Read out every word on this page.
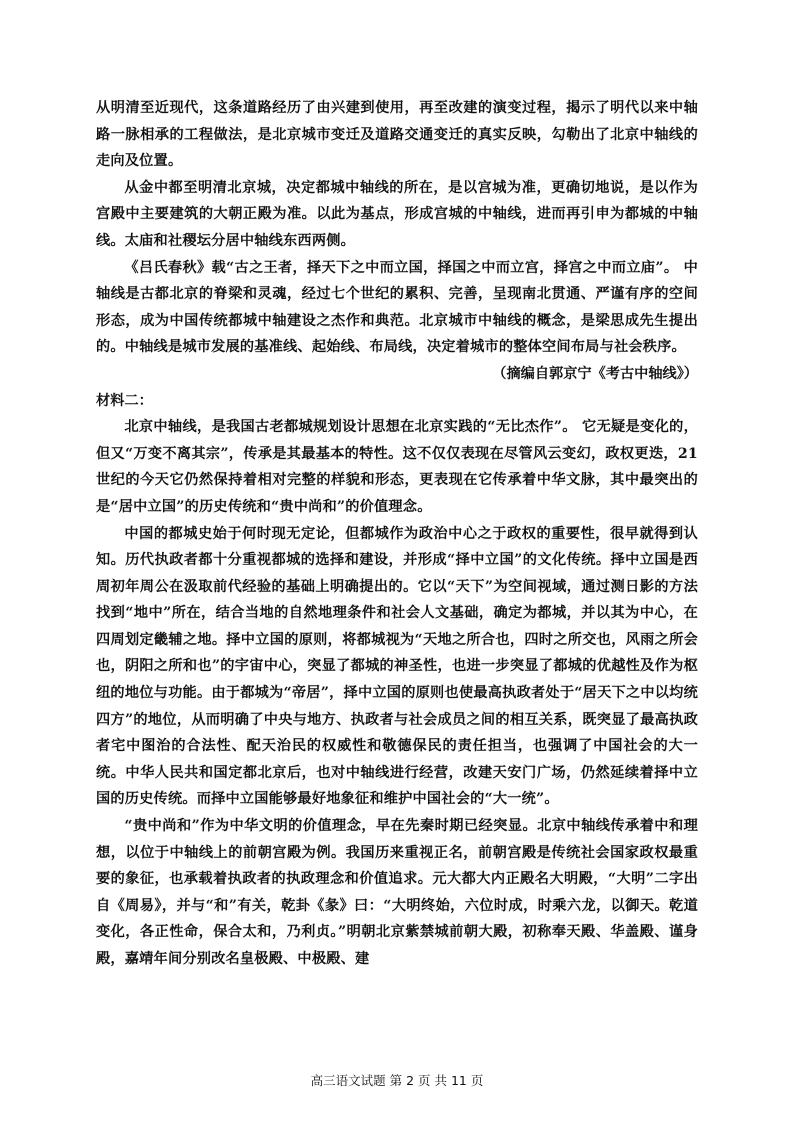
从明清至近现代，这条道路经历了由兴建到使用，再至改建的演变过程，揭示了明代以来中轴路一脉相承的工程做法，是北京城市变迁及道路交通变迁的真实反映，勾勒出了北京中轴线的走向及位置。

从金中都至明清北京城，决定都城中轴线的所在，是以宫城为准，更确切地说，是以作为宫殿中主要建筑的大朝正殿为准。以此为基点，形成宫城的中轴线，进而再引申为都城的中轴线。太庙和社稷坛分居中轴线东西两侧。

《吕氏春秋》载“古之王者，择天下之中而立国，择国之中而立宫，择宫之中而立庙”。 中轴线是古都北京的脊梁和灵魂，经过七个世纪的累积、完善，呈现南北贯通、严谨有序的空间形态，成为中国传统都城中轴建设之杰作和典范。北京城市中轴线的概念，是梁思成先生提出的。中轴线是城市发展的基准线、起始线、布局线，决定着城市的整体空间布局与社会秩序。

（摘编自郭京宁《考古中轴线》）

材料二：

北京中轴线，是我国古老都城规划设计思想在北京实践的“无比杰作”。 它无疑是变化的，但又“万变不离其宗”，传承是其最基本的特性。这不仅仅表现在尽管风云变幻，政权更迭，21世纪的今天它仍然保持着相对完整的样貌和形态，更表现在它传承着中华文脉，其中最突出的是“居中立国”的历史传统和“贵中尚和”的价值理念。

中国的都城史始于何时现无定论，但都城作为政治中心之于政权的重要性，很早就得到认知。历代执政者都十分重视都城的选择和建设，并形成“择中立国”的文化传统。择中立国是西周初年周公在汲取前代经验的基础上明确提出的。它以“天下”为空间视域，通过测日影的方法找到“地中”所在，结合当地的自然地理条件和社会人文基础，确定为都城，并以其为中心，在四周划定畿辅之地。择中立国的原则，将都城视为“天地之所合也，四时之所交也，风雨之所会也，阴阳之所和也”的宇宙中心，突显了都城的神圣性，也进一步突显了都城的优越性及作为枢纽的地位与功能。由于都城为“帝居”，择中立国的原则也使最高执政者处于“居天下之中以均统四方”的地位，从而明确了中央与地方、执政者与社会成员之间的相互关系，既突显了最高执政者宅中图治的合法性、配天治民的权威性和敬德保民的责任担当，也强调了中国社会的大一统。中华人民共和国定都北京后，也对中轴线进行经营，改建天安门广场，仍然延续着择中立国的历史传统。而择中立国能够最好地象征和维护中国社会的“大一统”。

“贵中尚和”作为中华文明的价值理念，早在先秦时期已经突显。北京中轴线传承着中和理想，以位于中轴线上的前朝宫殿为例。我国历来重视正名，前朝宫殿是传统社会国家政权最重要的象征，也承载着执政者的执政理念和价值追求。元大都大内正殿名大明殿，“大明”二字出自《周易》，并与“和”有关，乾卦《彖》曰：“大明终始，六位时成，时乘六龙，以御天。乾道变化，各正性命，保合太和，乃利贞。”明朝北京紫禁城前朝大殿，初称奉天殿、华盖殿、谨身殿，嘉靖年间分别改名皇极殿、中极殿、建

高三语文试题 第 2 页 共 11 页
